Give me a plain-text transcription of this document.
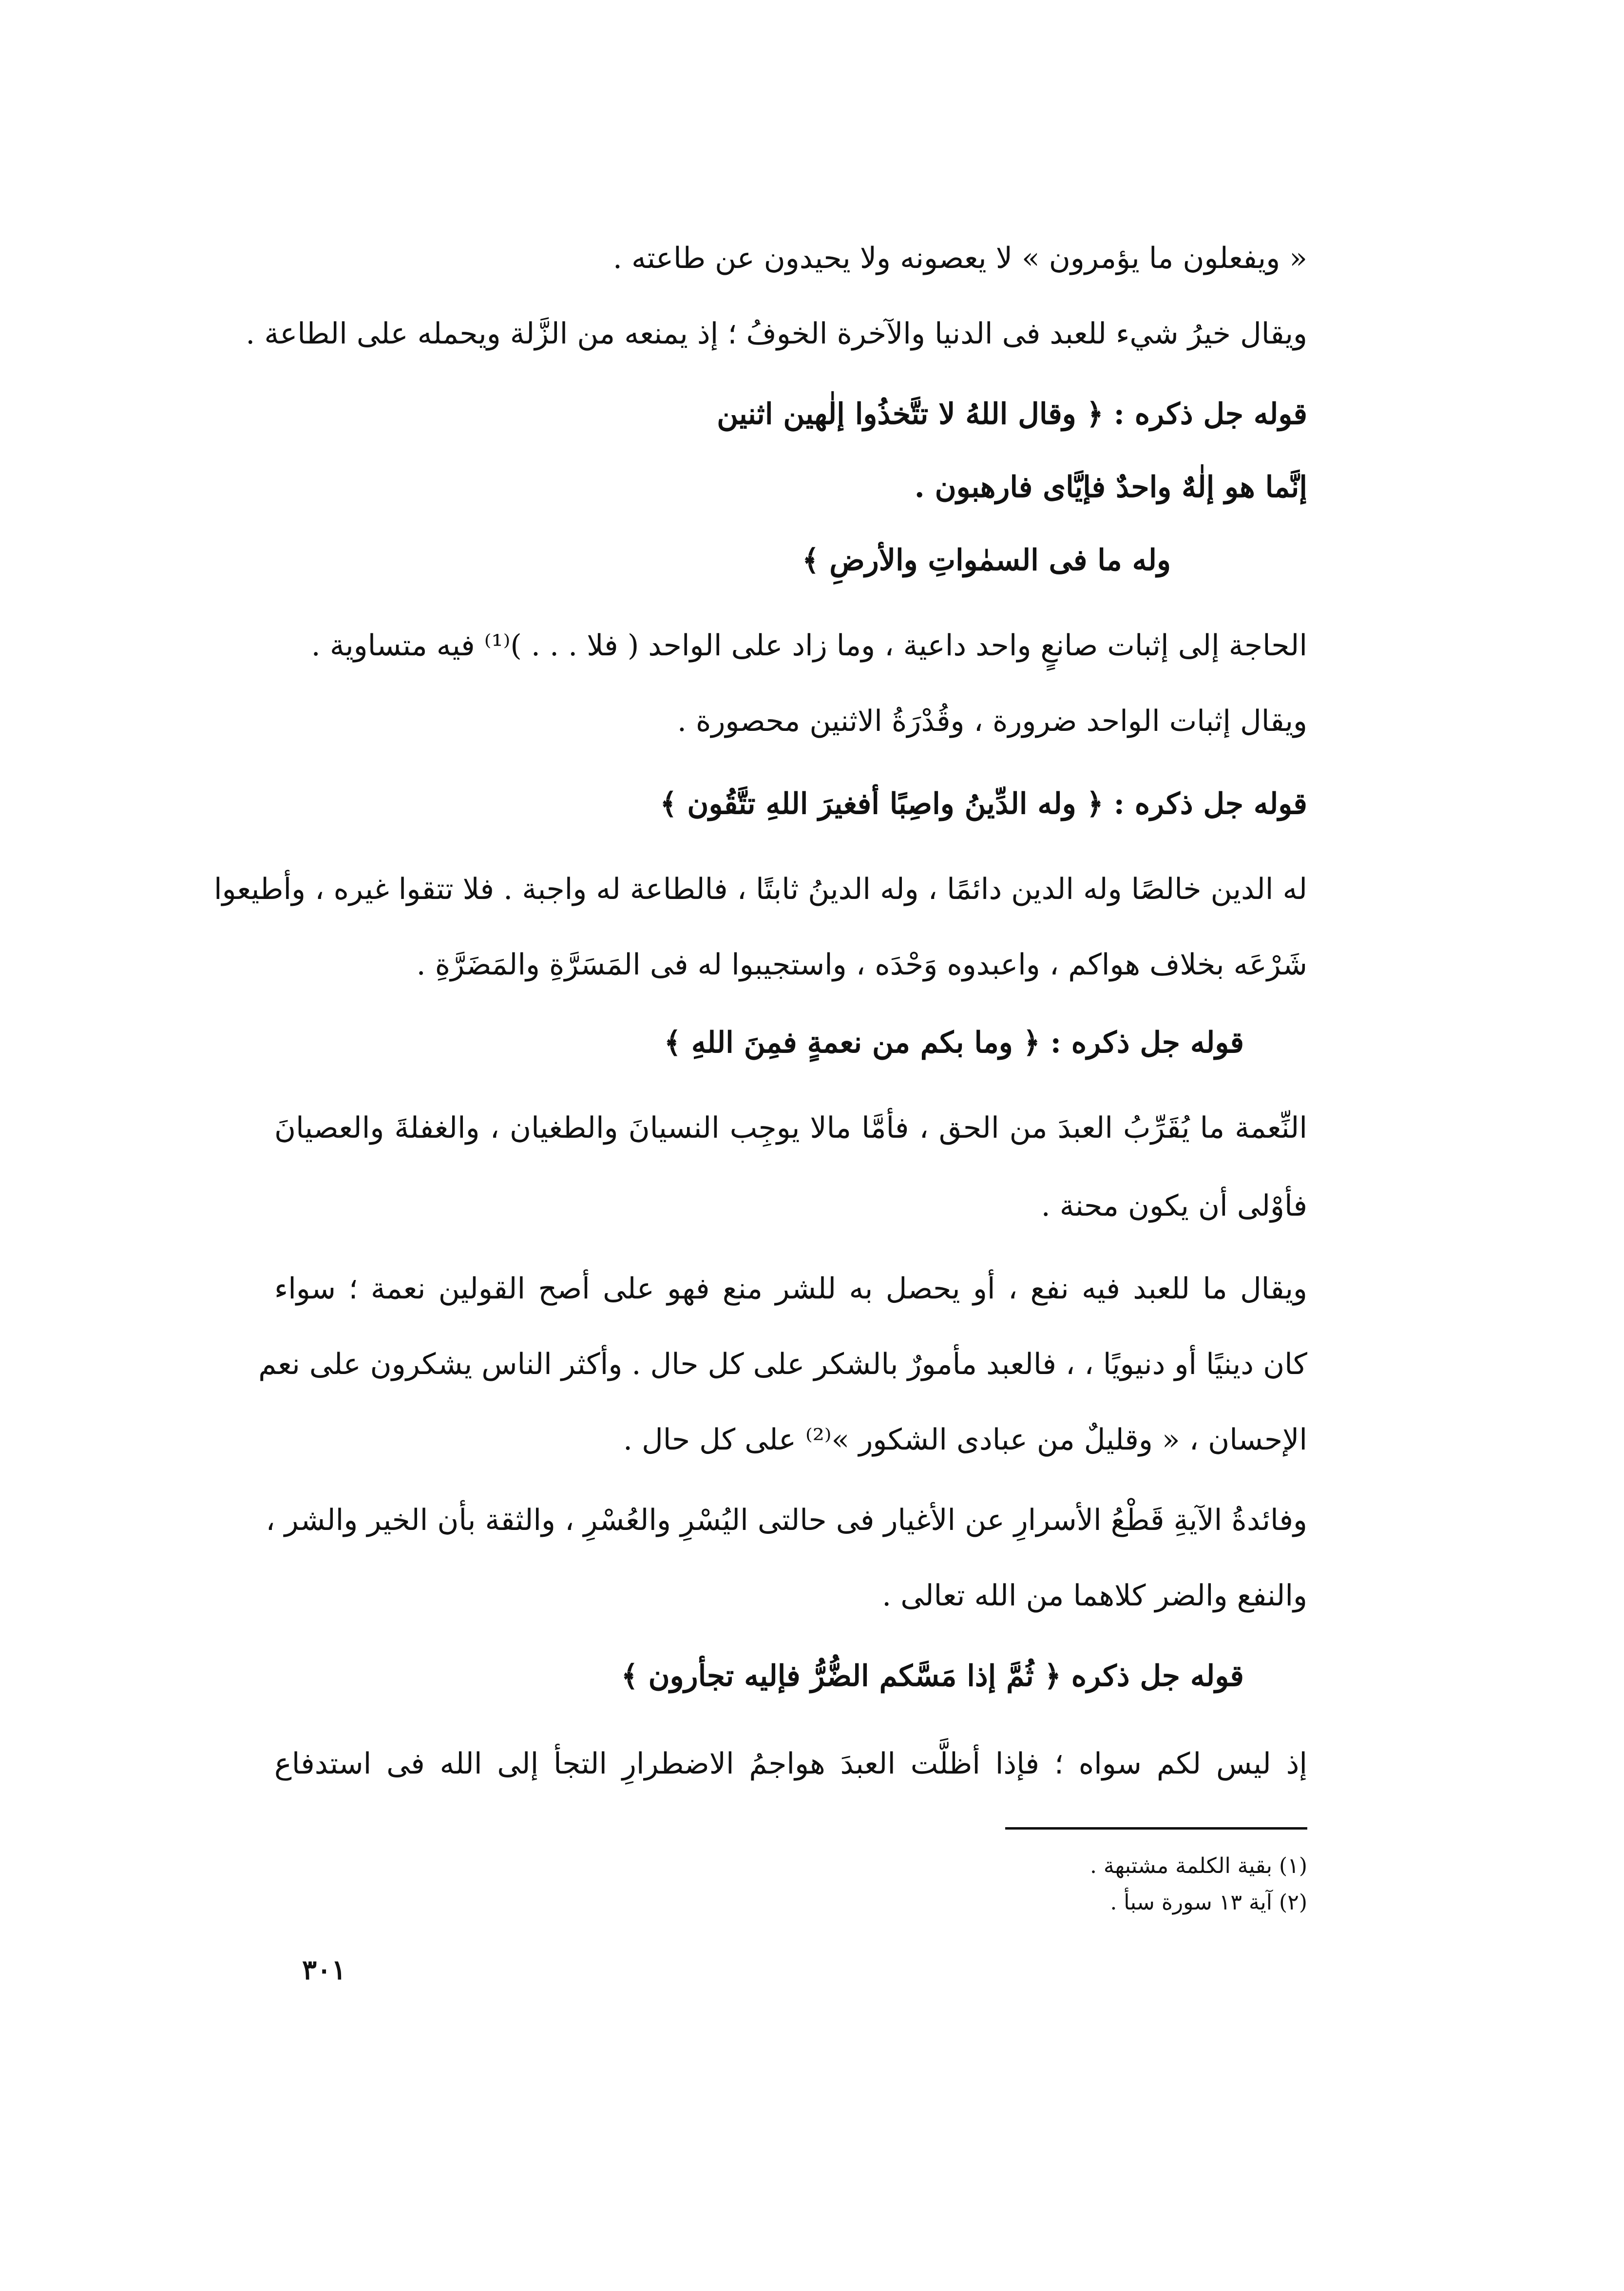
« ويفعلون ما يؤمرون » لا يعصونه ولا يحيدون عن طاعته .
ويقال خيرُ شيء للعبد فى الدنيا والآخرة الخوفُ ؛ إذ يمنعه من الزَّلة ويحمله على الطاعة .
قوله جل ذكره : ﴿ وقال اللهُ لا تتَّخذُوا إلٰهين اثنين
إنَّما هو إلٰهٌ واحدٌ فإيَّاى فارهبون .
وله ما فى السمٰواتِ والأرضِ ﴾
الحاجة إلى إثبات صانعٍ واحد داعية ، وما زاد على الواحد ( فلا . . . )⁽¹⁾ فيه متساوية .
ويقال إثبات الواحد ضرورة ، وقُدْرَةُ الاثنين محصورة .
قوله جل ذكره : ﴿ وله الدِّينُ واصِبًا أفغيرَ اللهِ تتَّقُون ﴾
له الدين خالصًا وله الدين دائمًا ، وله الدينُ ثابتًا ، فالطاعة له واجبة . فلا تتقوا غيره ، وأطيعوا
شَرْعَه بخلاف هواكم ، واعبدوه وَحْدَه ، واستجيبوا له فى المَسَرَّةِ والمَضَرَّةِ .
قوله جل ذكره : ﴿ وما بكم من نعمةٍ فمِنَ اللهِ ﴾
النِّعمة ما يُقَرِّبُ العبدَ من الحق ، فأمَّا مالا يوجِب النسيانَ والطغيان ، والغفلةَ والعصيانَ
فأوْلى أن يكون محنة .
ويقال ما للعبد فيه نفع ، أو يحصل به للشر منع فهو على أصح القولين نعمة ؛ سواء
كان دينيًا أو دنيويًا ، ، فالعبد مأمورٌ بالشكر على كل حال . وأكثر الناس يشكرون على نعم
الإحسان ، « وقليلٌ من عبادى الشكور »⁽²⁾ على كل حال .
وفائدةُ الآيةِ قَطْعُ الأسرارِ عن الأغيار فى حالتى اليُسْرِ والعُسْرِ ، والثقة بأن الخير والشر ،
والنفع والضر كلاهما من الله تعالى .
قوله جل ذكره ﴿ ثُمَّ إذا مَسَّكم الضُّرُّ فإليه تجأرون ﴾
إذ ليس لكم سواه ؛ فإذا أظلَّت العبدَ هواجمُ الاضطرارِ التجأ إلى الله فى استدفاع
(١) بقية الكلمة مشتبهة .
(٢) آية ١٣ سورة سبأ .
٣٠١
